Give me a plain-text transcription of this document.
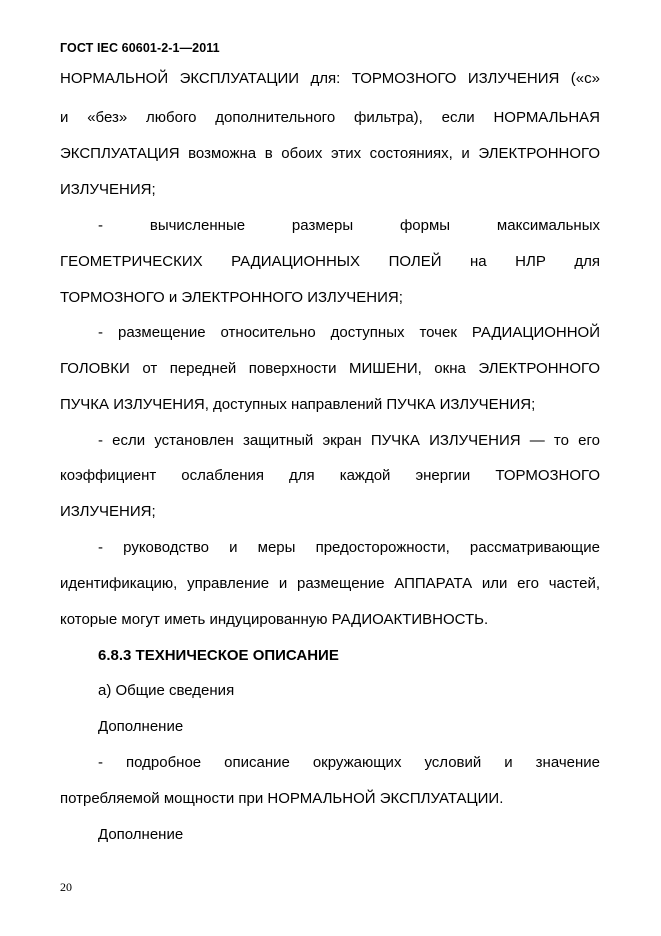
ГОСТ IEC 60601-2-1—2011
НОРМАЛЬНОЙ ЭКСПЛУАТАЦИИ для: ТОРМОЗНОГО ИЗЛУЧЕНИЯ («с»
и «без» любого дополнительного фильтра), если НОРМАЛЬНАЯ
ЭКСПЛУАТАЦИЯ возможна в обоих этих состояниях, и ЭЛЕКТРОННОГО
ИЗЛУЧЕНИЯ;
- вычисленные размеры формы максимальных
ГЕОМЕТРИЧЕСКИХ РАДИАЦИОННЫХ ПОЛЕЙ на НЛР для
ТОРМОЗНОГО и ЭЛЕКТРОННОГО ИЗЛУЧЕНИЯ;
- размещение относительно доступных точек РАДИАЦИОННОЙ
ГОЛОВКИ от передней поверхности МИШЕНИ, окна ЭЛЕКТРОННОГО
ПУЧКА ИЗЛУЧЕНИЯ, доступных направлений ПУЧКА ИЗЛУЧЕНИЯ;
- если установлен защитный экран ПУЧКА ИЗЛУЧЕНИЯ — то его
коэффициент ослабления для каждой энергии ТОРМОЗНОГО
ИЗЛУЧЕНИЯ;
- руководство и меры предосторожности, рассматривающие
идентификацию, управление и размещение АППАРАТА или его частей,
которые могут иметь индуцированную РАДИОАКТИВНОСТЬ.
6.8.3 ТЕХНИЧЕСКОЕ ОПИСАНИЕ
a) Общие сведения
Дополнение
- подробное описание окружающих условий и значение
потребляемой мощности при НОРМАЛЬНОЙ ЭКСПЛУАТАЦИИ.
Дополнение
20
